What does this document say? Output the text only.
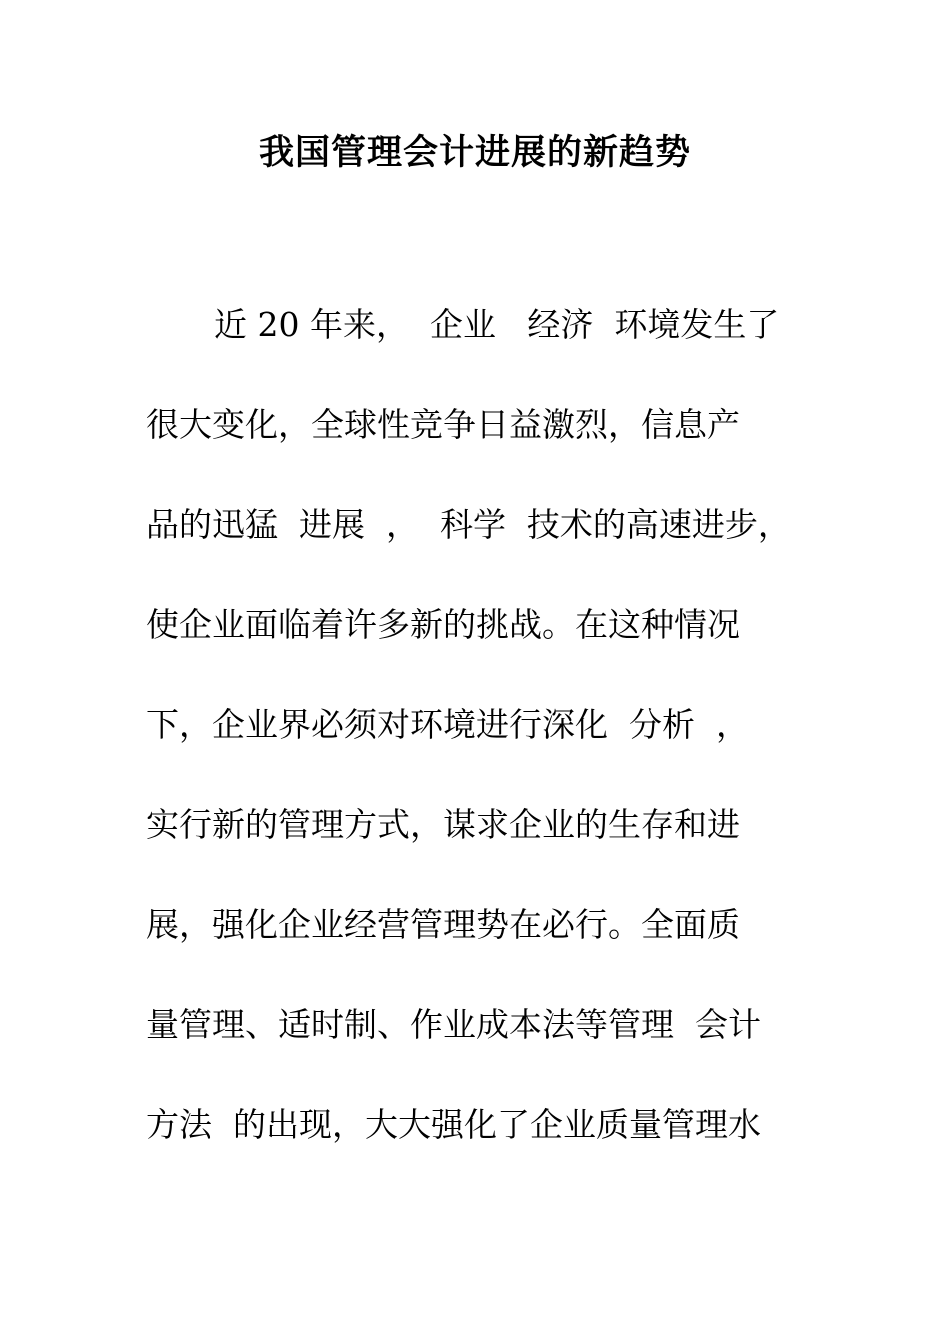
我国管理会计进展的新趋势
近 20 年来，  企业   经济  环境发生了
很大变化，全球性竞争日益激烈，信息产
品的迅猛  进展  ，  科学  技术的高速进步，
使企业面临着许多新的挑战。在这种情况
下，企业界必须对环境进行深化  分析  ，
实行新的管理方式，谋求企业的生存和进
展，强化企业经营管理势在必行。全面质
量管理、适时制、作业成本法等管理  会计
方法  的出现，大大强化了企业质量管理水
